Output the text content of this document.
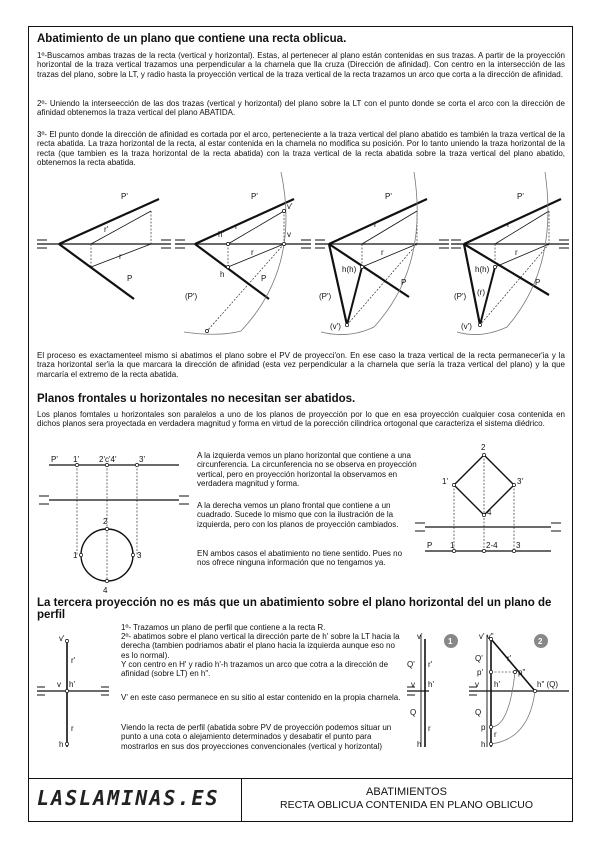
Abatimiento de un plano que contiene una recta oblicua.
1º-Buscamos ambas trazas de la recta (vertical y horizontal). Estas, al pertenecer al plano están contenidas en sus trazas. A partir de la proyección horizontal de la traza vertical trazamos una perpendicular a la charnela que lla cruza (Dirección de afinidad). Con centro en la intersección de las trazas del plano, sobre la LT, y radio hasta la proyección vertical de la traza vertical de la recta trazamos un arco que corta a la dirección de afinidad.
2º- Uniendo la interseección de las dos trazas (vertical y horizontal) del plano sobre la LT con el punto donde se corta el arco con la dirección de afinidad obtenemos la traza vertical del plano ABATIDA.
3º- El punto donde la dirección de afinidad es cortada por el arco, perteneciente a la traza vertical del plano abatido es también la traza vertical de la recta abatida. La traza horizontal de la recta, al estar contenida en la charnela no modifica su posición. Por lo tanto uniendo la traza horizontal de la recta (que tambien es la traza horizontal de la recta abatida) con la traza vertical de la recta abatida sobre la traza vertical del plano abatido, obtenemos la recta abatida.
P'
r'
r
P
P'
v'
v
h'
r'
r
h	P
(P')
P'
r'
r
h(h)
P
(P')
(v')
P'
r'
r
h(h)
P
(P') (r)
(v')
P' 1'	2'c'4'	3'
2
1	3
4
2
1'	3'
4
P 1	2-4 3
v'
r'
v h'
r
h
v'
Q' r'
v h'
Q
r
h
1
v' v"
Q'	r'
p'	p"
v h'	h" (Q)
Q
p
r
h
2
El proceso es exactamenteel mismo si abatimos el plano sobre el PV de proyecci'on. En ese caso la traza vertical de la recta permanecer'ia y la traza horizontal ser'ia la que marcara la dirección de afinidad (esta vez perpendicular a la charnela que sería la traza vertical del plano) y la que marcaría el extremo de la recta abatida.
Planos frontales u horizontales no necesitan ser abatidos.
Los planos fomtales u horizontales son paralelos a uno de los planos de proyección por lo que en esa proyección cualquier cosa contenida en dichos planos sera proyectada en verdadera magnitud y forma en virtud de la porección cilindrica ortogonal que caracteriza el sistema diédrico.
A la izquierda vemos un plano horizontal que contiene a una circunferencia. La circunferencia no se observa en proyección vertical, pero en proyección horizontal la observamos en verdadera magnitud y forma.
A la derecha vemos un plano frontal que contiene a un cuadrado. Sucede lo mismo que con la ilustración de la izquierda, pero con los planos de proyección cambiados.
EN ambos casos el abatimiento no tiene sentido. Pues no nos ofrece ninguna información que no tengamos ya.
La tercera proyección no es más que un abatimiento sobre el plano horizontal del un plano de perfil
1º- Trazamos un plano de perfil que contiene a la recta R.
2º- abatimos sobre el plano vertical la dirección parte de h' sobre la LT hacia la derecha (tambien podriamos abatir el plano hacia la izquierda aunque eso no es lo normal).
Y con centro en H' y radio h'-h trazamos un arco que cotra a la dirección de afinidad (sobre LT) en h".
V' en este caso permanece en su sitio al estar contenido en la propia charnela.
Viendo la recta de perfil (abatida sobre PV de proyección podemos situar un punto a una cota o alejamiento determinados y desabatir el punto para mostrarlos en sus dos proyecciones convencionales (vertical y horizontal)
LASLAMINAS.ES	ABATIMIENTOS
RECTA OBLICUA CONTENIDA EN PLANO OBLICUO
